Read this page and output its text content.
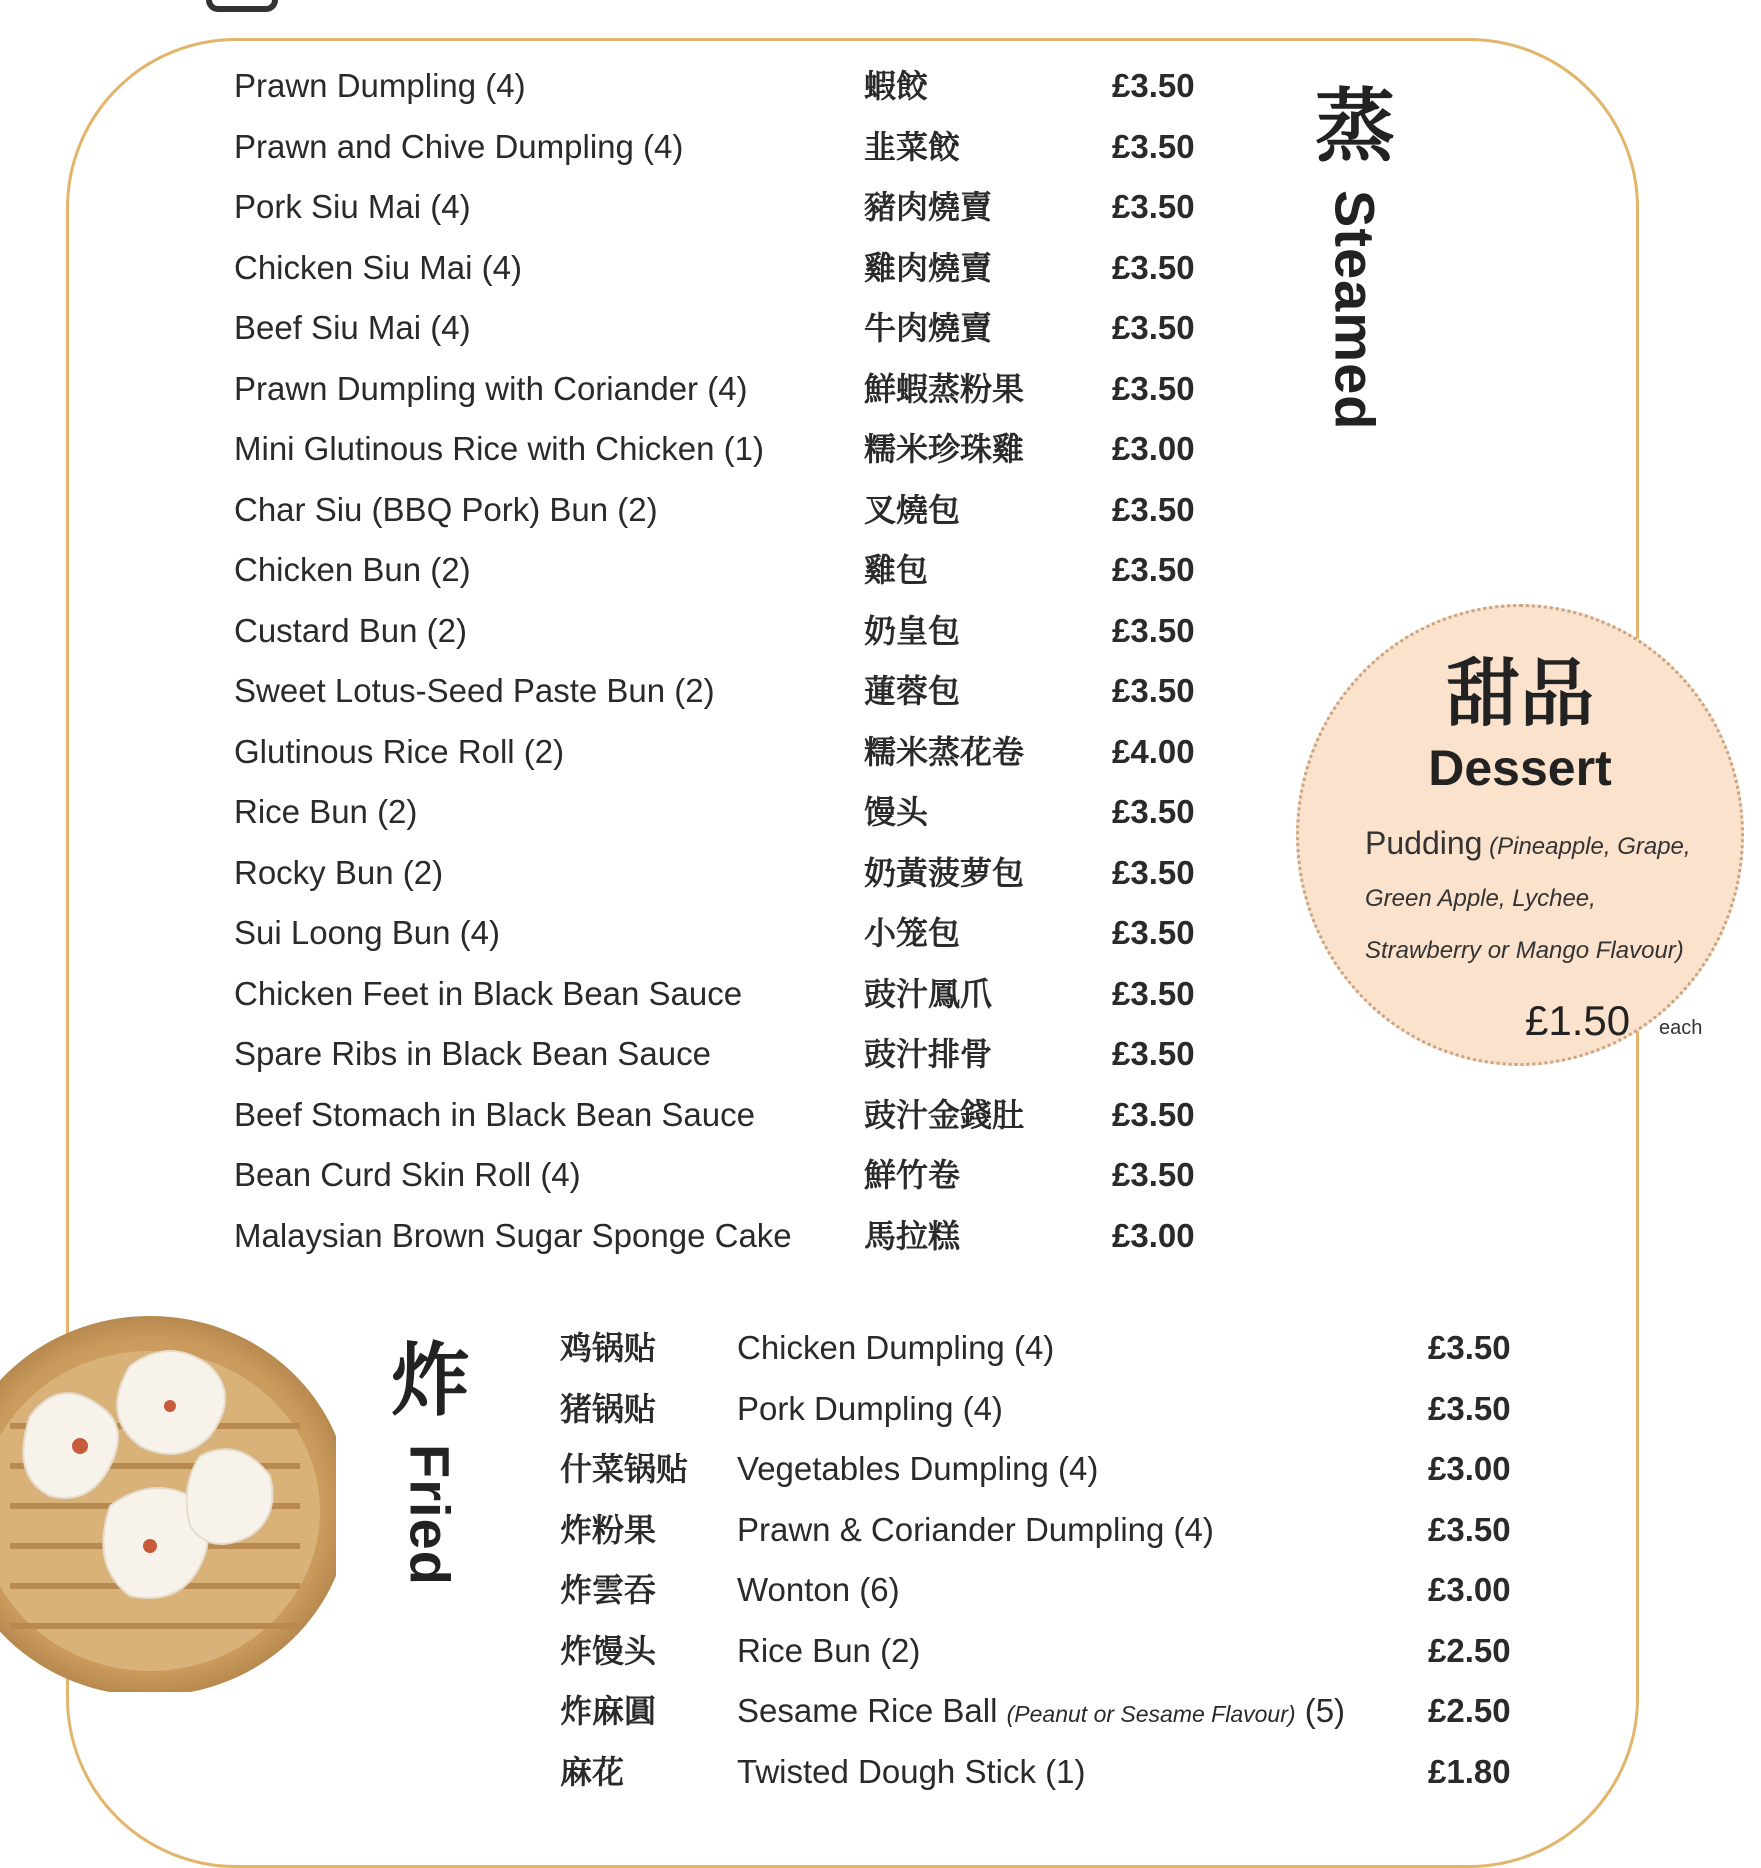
Prawn Dumpling (4)	蝦餃	£3.50
Prawn and Chive Dumpling (4)	韭菜餃	£3.50
Pork Siu Mai (4)	豬肉燒賣	£3.50
Chicken Siu Mai (4)	雞肉燒賣	£3.50
Beef Siu Mai (4)	牛肉燒賣	£3.50
Prawn Dumpling with Coriander (4)	鮮蝦蒸粉果	£3.50
Mini Glutinous Rice with Chicken (1)	糯米珍珠雞	£3.00
Char Siu (BBQ Pork) Bun (2)	叉燒包	£3.50
Chicken Bun (2)	雞包	£3.50
Custard Bun (2)	奶皇包	£3.50
Sweet Lotus-Seed Paste Bun (2)	蓮蓉包	£3.50
Glutinous Rice Roll (2)	糯米蒸花卷	£4.00
Rice Bun (2)	馒头	£3.50
Rocky Bun (2)	奶黃菠萝包	£3.50
Sui Loong Bun (4)	小笼包	£3.50
Chicken Feet in Black Bean Sauce	豉汁鳳爪	£3.50
Spare Ribs in Black Bean Sauce	豉汁排骨	£3.50
Beef Stomach in Black Bean Sauce	豉汁金錢肚	£3.50
Bean Curd Skin Roll (4)	鮮竹卷	£3.50
Malaysian Brown Sugar Sponge Cake 馬拉糕	£3.00
蒸
Steamed
甜品
Dessert
Pudding (Pineapple, Grape,
Green Apple, Lychee,
Strawberry or Mango Flavour)
£1.50 each
炸
Fried
鸡锅贴 Chicken Dumpling (4)	£3.50
猪锅贴 Pork Dumpling (4)	£3.50
什菜锅贴 Vegetables Dumpling (4)	£3.00
炸粉果 Prawn & Coriander Dumpling (4)	£3.50
炸雲吞 Wonton (6)	£3.00
炸馒头 Rice Bun (2)	£2.50
炸麻圓 Sesame Rice Ball (Peanut or Sesame Flavour) (5)	£2.50
麻花	Twisted Dough Stick (1)	£1.80
